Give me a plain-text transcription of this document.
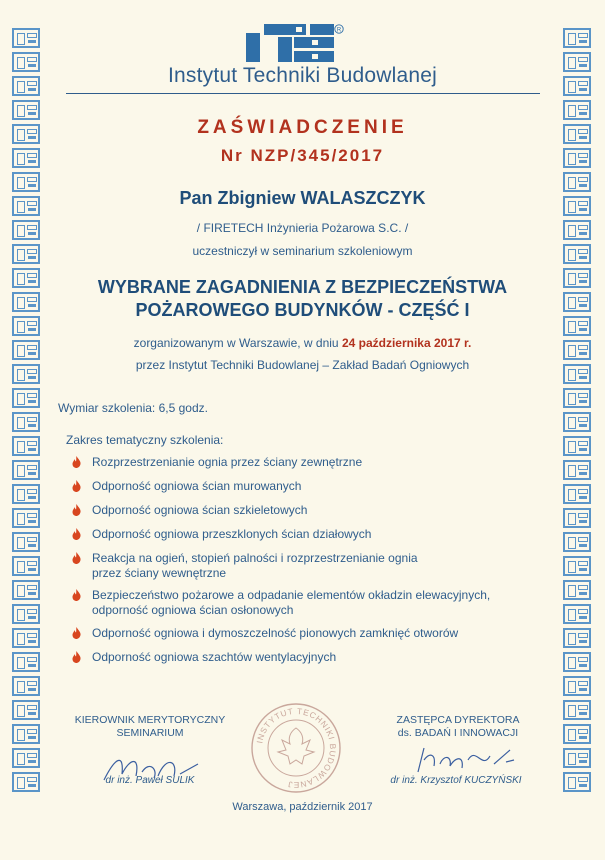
R
Instytut Techniki Budowlanej
ZAŚWIADCZENIE
Nr NZP/345/2017
Pan Zbigniew WALASZCZYK
/ FIRETECH Inżynieria Pożarowa S.C. /
uczestniczył w seminarium szkoleniowym
WYBRANE ZAGADNIENIA Z BEZPIECZEŃSTWA
POŻAROWEGO BUDYNKÓW - CZĘŚĆ I
zorganizowanym w Warszawie, w dniu 24 października 2017 r.
przez Instytut Techniki Budowlanej – Zakład Badań Ogniowych
Wymiar szkolenia: 6,5 godz.
Zakres tematyczny szkolenia:
Rozprzestrzenianie ognia przez ściany zewnętrzne
Odporność ogniowa ścian murowanych
Odporność ogniowa ścian szkieletowych
Odporność ogniowa przeszklonych ścian działowych
Reakcja na ogień, stopień palności i rozprzestrzenianie ognia
przez ściany wewnętrzne
Bezpieczeństwo pożarowe a odpadanie elementów okładzin elewacyjnych,
odporność ogniowa ścian osłonowych
Odporność ogniowa i dymoszczelność pionowych zamknięć otworów
Odporność ogniowa szachtów wentylacyjnych
KIEROWNIK MERYTORYCZNY
SEMINARIUM
INSTYTUT TECHNIKI BUDOWLANEJ
ZASTĘPCA DYREKTORA
ds. BADAŃ I INNOWACJI
dr inż. Paweł SULIK	dr inż. Krzysztof KUCZYŃSKI
Warszawa, październik 2017
